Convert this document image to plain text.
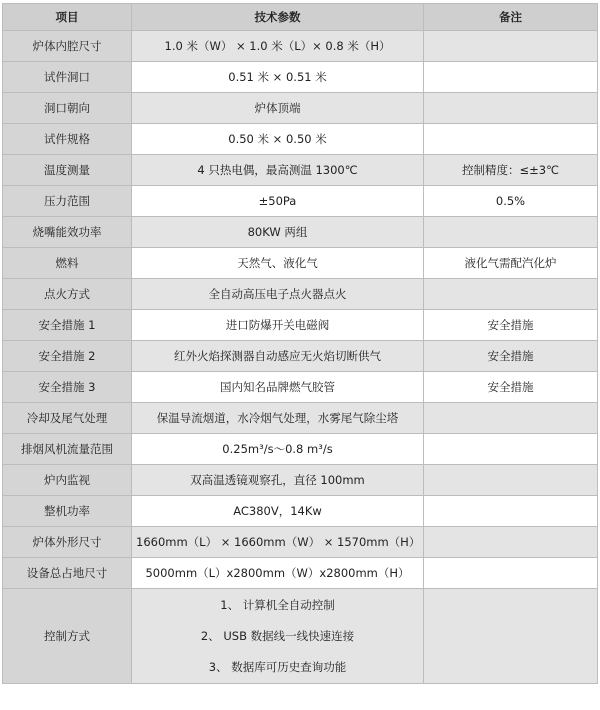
项目	技术参数	备注
炉体内腔尺寸	1.0 米（W） × 1.0 米（L）× 0.8 米（H）	
试件洞口	0.51 米 × 0.51 米	
洞口朝向	炉体顶端	
试件规格	0.50 米 × 0.50 米	
温度测量	4 只热电偶，最高测温 1300℃	控制精度：≤±3℃
压力范围	±50Pa	0.5%
烧嘴能效功率	80KW 两组	
燃料	天然气、液化气	液化气需配汽化炉
点火方式	全自动高压电子点火器点火	
安全措施 1	进口防爆开关电磁阀	安全措施
安全措施 2	红外火焰探测器自动感应无火焰切断供气	安全措施
安全措施 3	国内知名品牌燃气胶管	安全措施
冷却及尾气处理	保温导流烟道，水冷烟气处理，水雾尾气除尘塔	
排烟风机流量范围	0.25m³/s～0.8 m³/s	
炉内监视	双高温透镜观察孔，直径 100mm	
整机功率	AC380V，14Kw	
炉体外形尺寸	1660mm（L） × 1660mm（W） × 1570mm（H）	
设备总占地尺寸	5000mm（L）x2800mm（W）x2800mm（H）	
控制方式	1、 计算机全自动控制
2、 USB 数据线一线快速连接
3、 数据库可历史查询功能	
